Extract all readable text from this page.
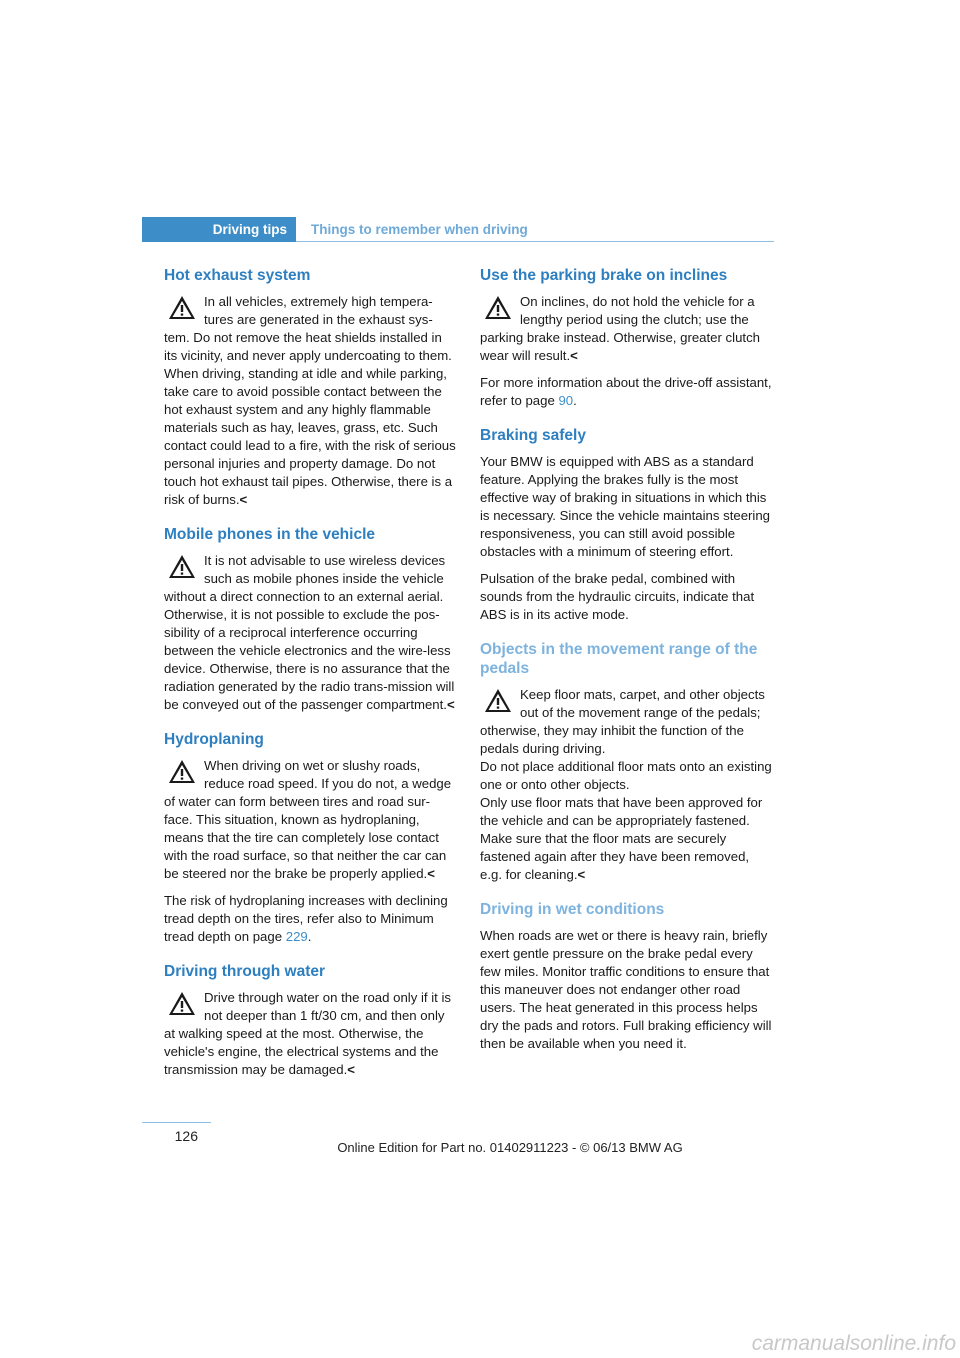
Driving tips	Things to remember when driving
Hot exhaust system
In all vehicles, extremely high tempera-tures are generated in the exhaust sys-tem. Do not remove the heat shields installed in its vicinity, and never apply undercoating to them. When driving, standing at idle and while parking, take care to avoid possible contact between the hot exhaust system and any highly flammable materials such as hay, leaves, grass, etc. Such contact could lead to a fire, with the risk of serious personal injuries and property damage. Do not touch hot exhaust tail pipes. Otherwise, there is a risk of burns.<
Mobile phones in the vehicle
It is not advisable to use wireless devices such as mobile phones inside the vehicle without a direct connection to an external aerial. Otherwise, it is not possible to exclude the pos-sibility of a reciprocal interference occurring between the vehicle electronics and the wire-less device. Otherwise, there is no assurance that the radiation generated by the radio trans-mission will be conveyed out of the passenger compartment.<
Hydroplaning
When driving on wet or slushy roads, reduce road speed. If you do not, a wedge of water can form between tires and road sur-face. This situation, known as hydroplaning, means that the tire can completely lose contact with the road surface, so that neither the car can be steered nor the brake be properly applied.<

The risk of hydroplaning increases with declining tread depth on the tires, refer also to Minimum tread depth on page 229.

Driving through water
Drive through water on the road only if it is not deeper than 1 ft/30 cm, and then only at walking speed at the most. Otherwise, the vehicle's engine, the electrical systems and the transmission may be damaged.<
Use the parking brake on inclines
On inclines, do not hold the vehicle for a lengthy period using the clutch; use the parking brake instead. Otherwise, greater clutch wear will result.<

For more information about the drive-off assistant, refer to page 90.

Braking safely

Your BMW is equipped with ABS as a standard feature. Applying the brakes fully is the most effective way of braking in situations in which this is necessary. Since the vehicle maintains steering responsiveness, you can still avoid possible obstacles with a minimum of steering effort.

Pulsation of the brake pedal, combined with sounds from the hydraulic circuits, indicate that ABS is in its active mode.

Objects in the movement range of the pedals
Keep floor mats, carpet, and other objects out of the movement range of the pedals; otherwise, they may inhibit the function of the pedals during driving.
Do not place additional floor mats onto an existing one or onto other objects.
Only use floor mats that have been approved for the vehicle and can be appropriately fastened. Make sure that the floor mats are securely fastened again after they have been removed, e.g. for cleaning.<
Driving in wet conditions

When roads are wet or there is heavy rain, briefly exert gentle pressure on the brake pedal every few miles. Monitor traffic conditions to ensure that this maneuver does not endanger other road users. The heat generated in this process helps dry the pads and rotors. Full braking efficiency will then be available when you need it.

126
Online Edition for Part no. 01402911223 - © 06/13 BMW AG
carmanualsonline.info
